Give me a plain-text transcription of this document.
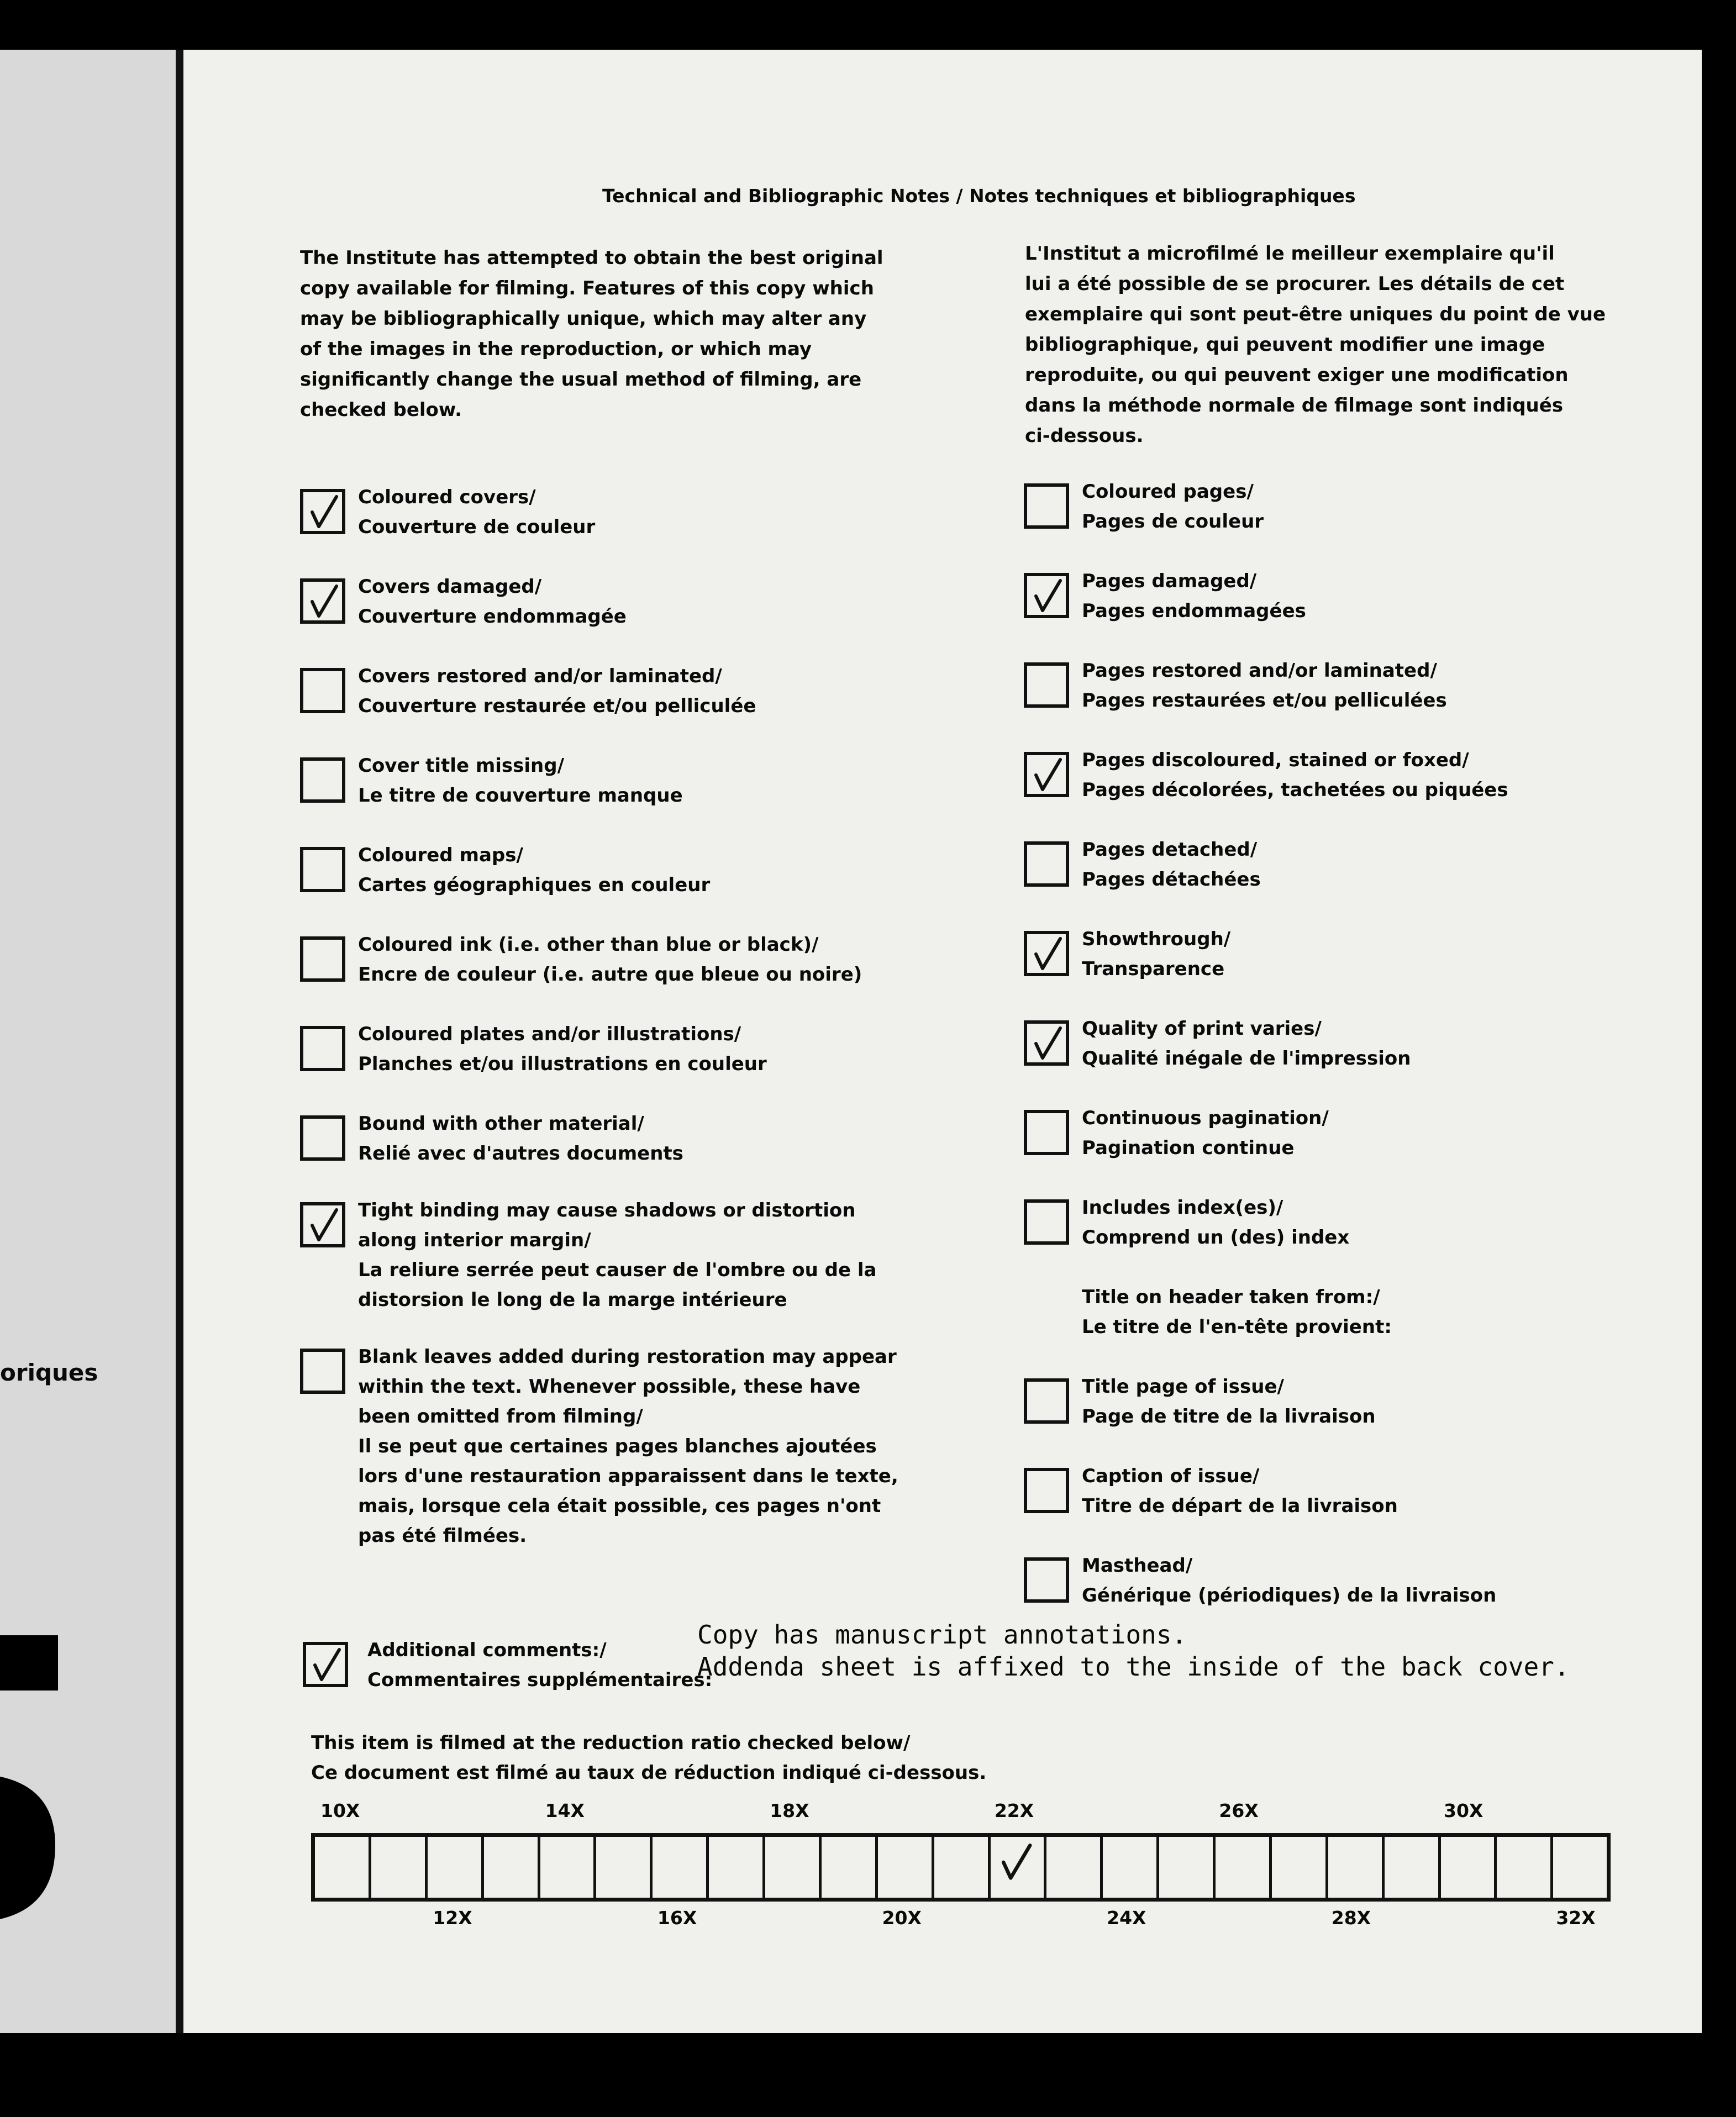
oriques
Technical and Bibliographic Notes / Notes techniques et bibliographiques
The Institute has attempted to obtain the best original
copy available for filming. Features of this copy which
may be bibliographically unique, which may alter any
of the images in the reproduction, or which may
significantly change the usual method of filming, are
checked below.
L'Institut a microfilmé le meilleur exemplaire qu'il
lui a été possible de se procurer. Les détails de cet
exemplaire qui sont peut-être uniques du point de vue
bibliographique, qui peuvent modifier une image
reproduite, ou qui peuvent exiger une modification
dans la méthode normale de filmage sont indiqués
ci-dessous.
Coloured covers/
Couverture de couleur
Covers damaged/
Couverture endommagée
Covers restored and/or laminated/
Couverture restaurée et/ou pelliculée
Cover title missing/
Le titre de couverture manque
Coloured maps/
Cartes géographiques en couleur
Coloured ink (i.e. other than blue or black)/
Encre de couleur (i.e. autre que bleue ou noire)
Coloured plates and/or illustrations/
Planches et/ou illustrations en couleur
Bound with other material/
Relié avec d'autres documents
Tight binding may cause shadows or distortion
along interior margin/
La reliure serrée peut causer de l'ombre ou de la
distorsion le long de la marge intérieure
Blank leaves added during restoration may appear
within the text. Whenever possible, these have
been omitted from filming/
Il se peut que certaines pages blanches ajoutées
lors d'une restauration apparaissent dans le texte,
mais, lorsque cela était possible, ces pages n'ont
pas été filmées.
Coloured pages/
Pages de couleur
Pages damaged/
Pages endommagées
Pages restored and/or laminated/
Pages restaurées et/ou pelliculées
Pages discoloured, stained or foxed/
Pages décolorées, tachetées ou piquées
Pages detached/
Pages détachées
Showthrough/
Transparence
Quality of print varies/
Qualité inégale de l'impression
Continuous pagination/
Pagination continue
Includes index(es)/
Comprend un (des) index
Title on header taken from:/
Le titre de l'en-tête provient:
Title page of issue/
Page de titre de la livraison
Caption of issue/
Titre de départ de la livraison
Masthead/
Générique (périodiques) de la livraison
Additional comments:/
Commentaires supplémentaires:
Copy has manuscript annotations.
Addenda sheet is affixed to the inside of the back cover.
This item is filmed at the reduction ratio checked below/
Ce document est filmé au taux de réduction indiqué ci-dessous.
10X	14X	18X	22X	26X	30X
12X	16X	20X	24X	28X	32X
